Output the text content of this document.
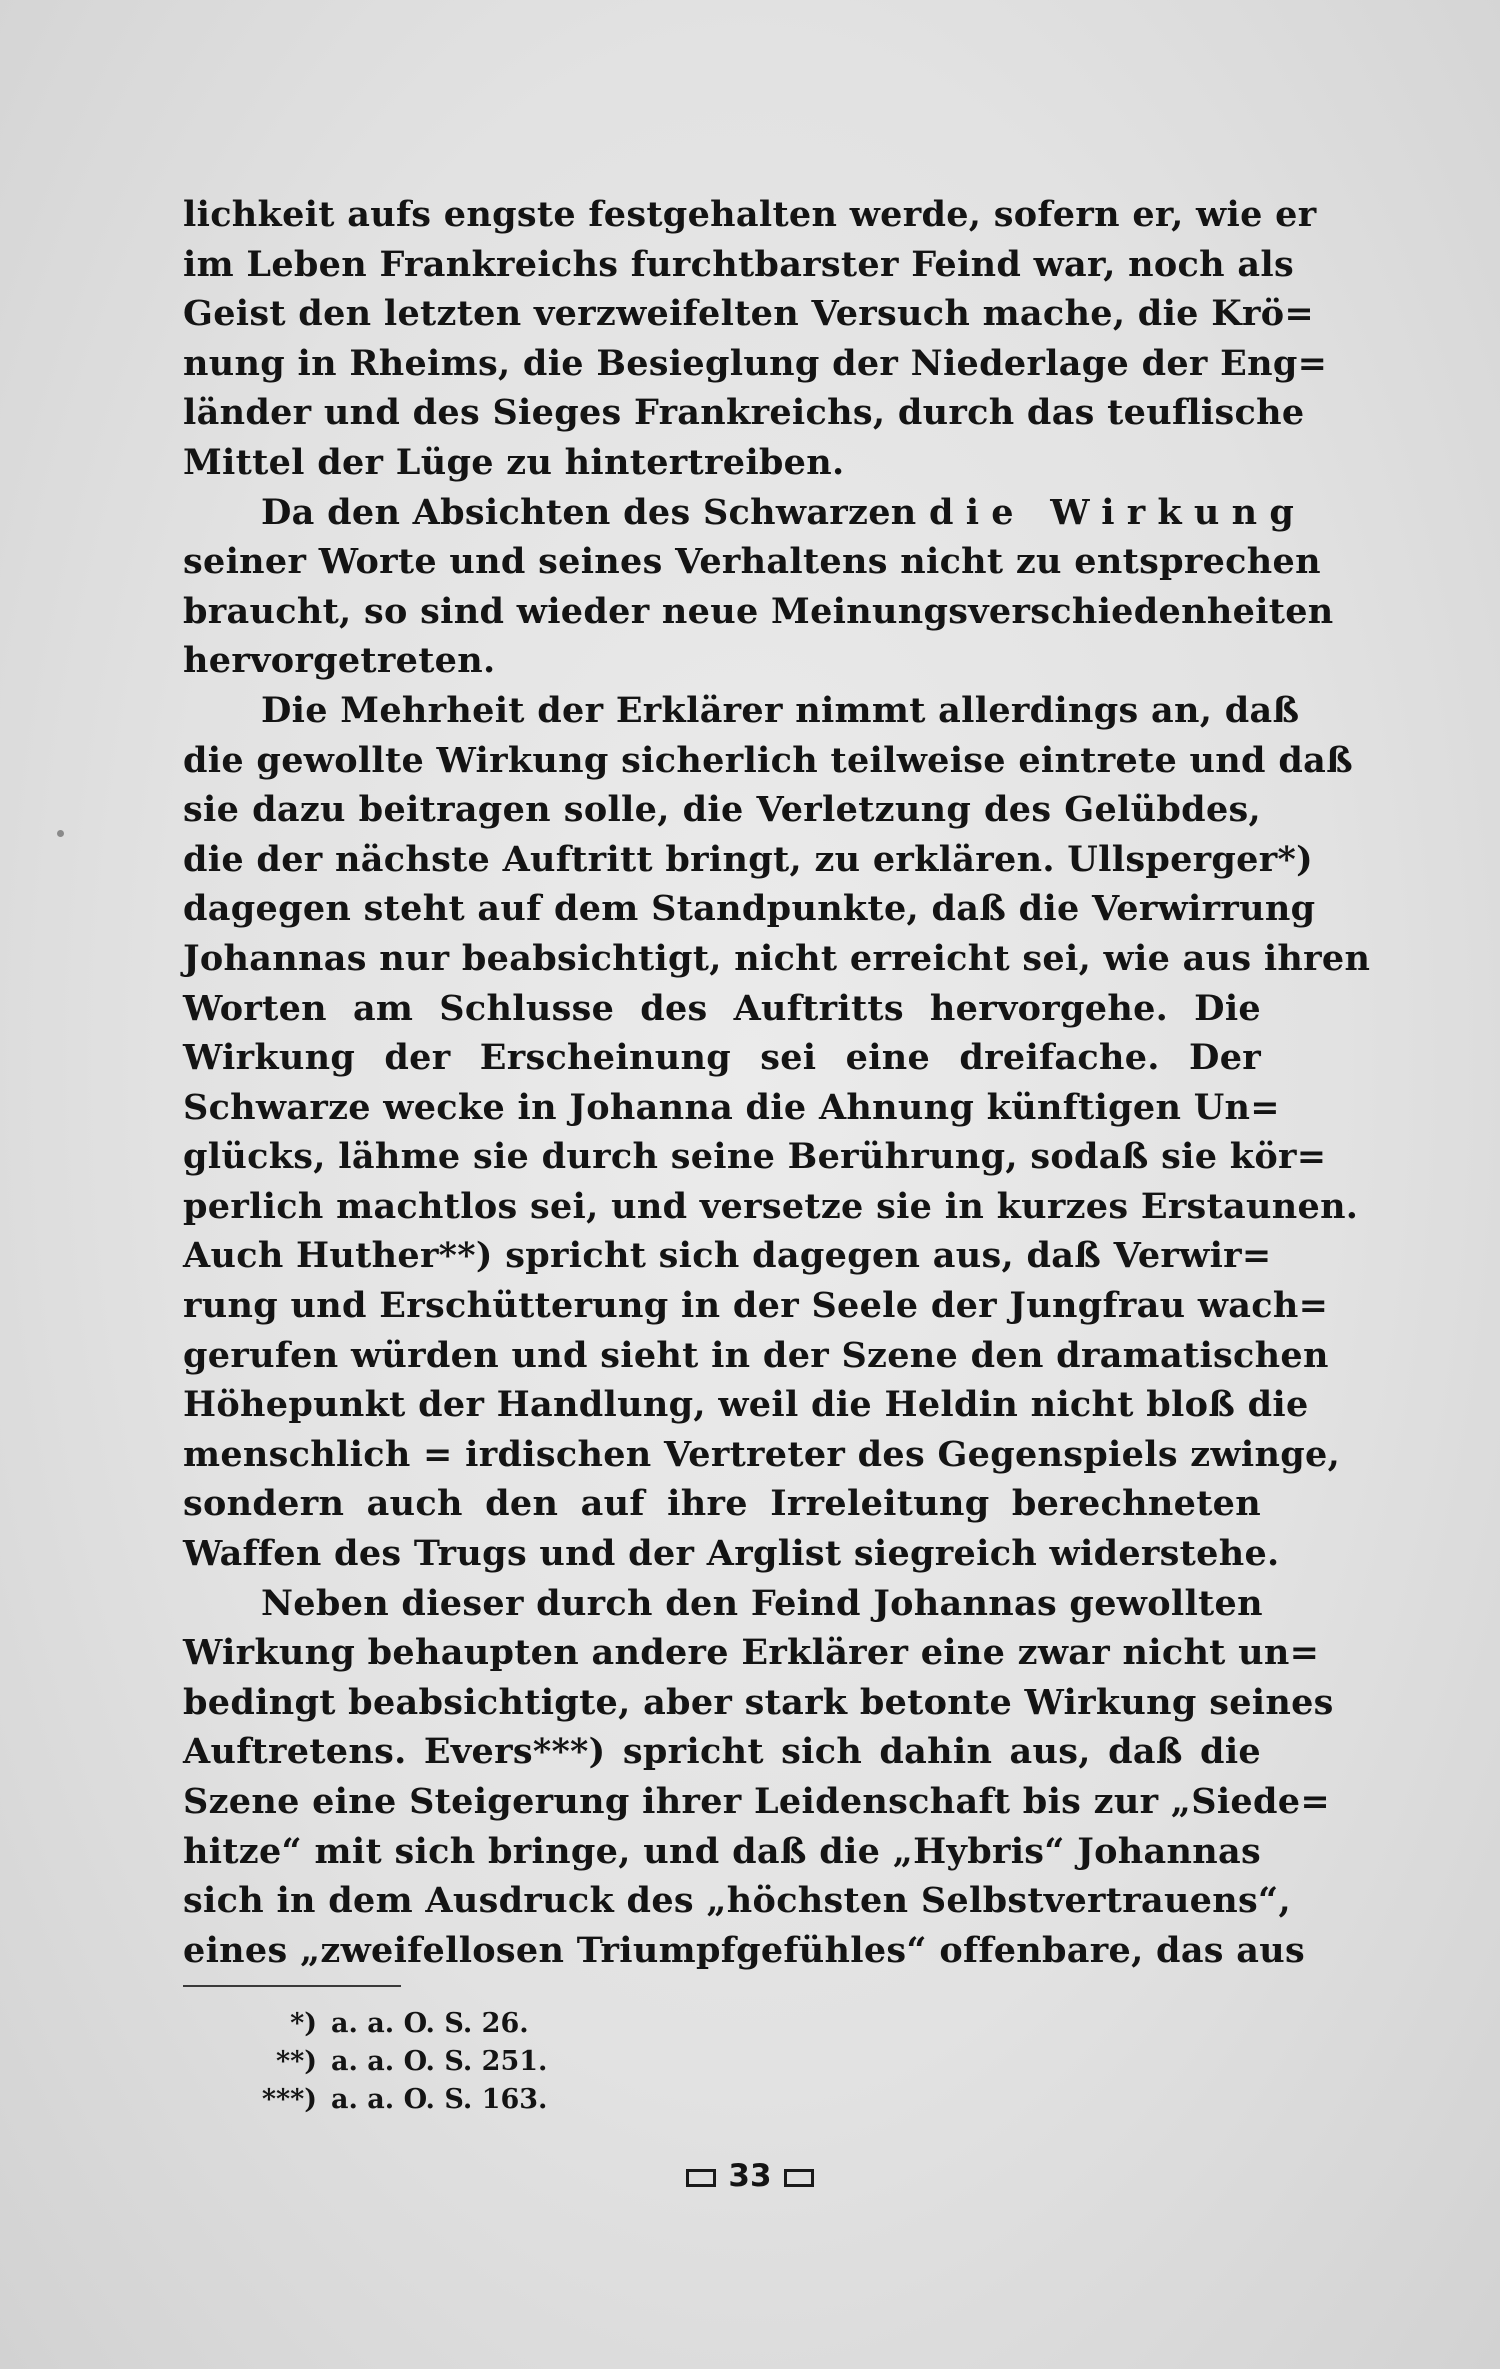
lichkeit aufs engste festgehalten werde, sofern er, wie er
im Leben Frankreichs furchtbarster Feind war, noch als
Geist den letzten verzweifelten Versuch mache, die Krö=
nung in Rheims, die Besieglung der Niederlage der Eng=
länder und des Sieges Frankreichs, durch das teuflische
Mittel der Lüge zu hintertreiben.
Da den Absichten des Schwarzen die Wirkung
seiner Worte und seines Verhaltens nicht zu entsprechen
braucht, so sind wieder neue Meinungsverschiedenheiten
hervorgetreten.
Die Mehrheit der Erklärer nimmt allerdings an, daß
die gewollte Wirkung sicherlich teilweise eintrete und daß
sie dazu beitragen solle, die Verletzung des Gelübdes,
die der nächste Auftritt bringt, zu erklären. Ullsperger*)
dagegen steht auf dem Standpunkte, daß die Verwirrung
Johannas nur beabsichtigt, nicht erreicht sei, wie aus ihren
Worten am Schlusse des Auftritts hervorgehe. Die
Wirkung der Erscheinung sei eine dreifache. Der
Schwarze wecke in Johanna die Ahnung künftigen Un=
glücks, lähme sie durch seine Berührung, sodaß sie kör=
perlich machtlos sei, und versetze sie in kurzes Erstaunen.
Auch Huther**) spricht sich dagegen aus, daß Verwir=
rung und Erschütterung in der Seele der Jungfrau wach=
gerufen würden und sieht in der Szene den dramatischen
Höhepunkt der Handlung, weil die Heldin nicht bloß die
menschlich = irdischen Vertreter des Gegenspiels zwinge,
sondern auch den auf ihre Irreleitung berechneten
Waffen des Trugs und der Arglist siegreich widerstehe.
Neben dieser durch den Feind Johannas gewollten
Wirkung behaupten andere Erklärer eine zwar nicht un=
bedingt beabsichtigte, aber stark betonte Wirkung seines
Auftretens. Evers***) spricht sich dahin aus, daß die
Szene eine Steigerung ihrer Leidenschaft bis zur „Siede=
hitze“ mit sich bringe, und daß die „Hybris“ Johannas
sich in dem Ausdruck des „höchsten Selbstvertrauens“,
eines „zweifellosen Triumpfgefühles“ offenbare, das aus
*) a. a. O. S. 26.
**) a. a. O. S. 251.
***) a. a. O. S. 163.
33
